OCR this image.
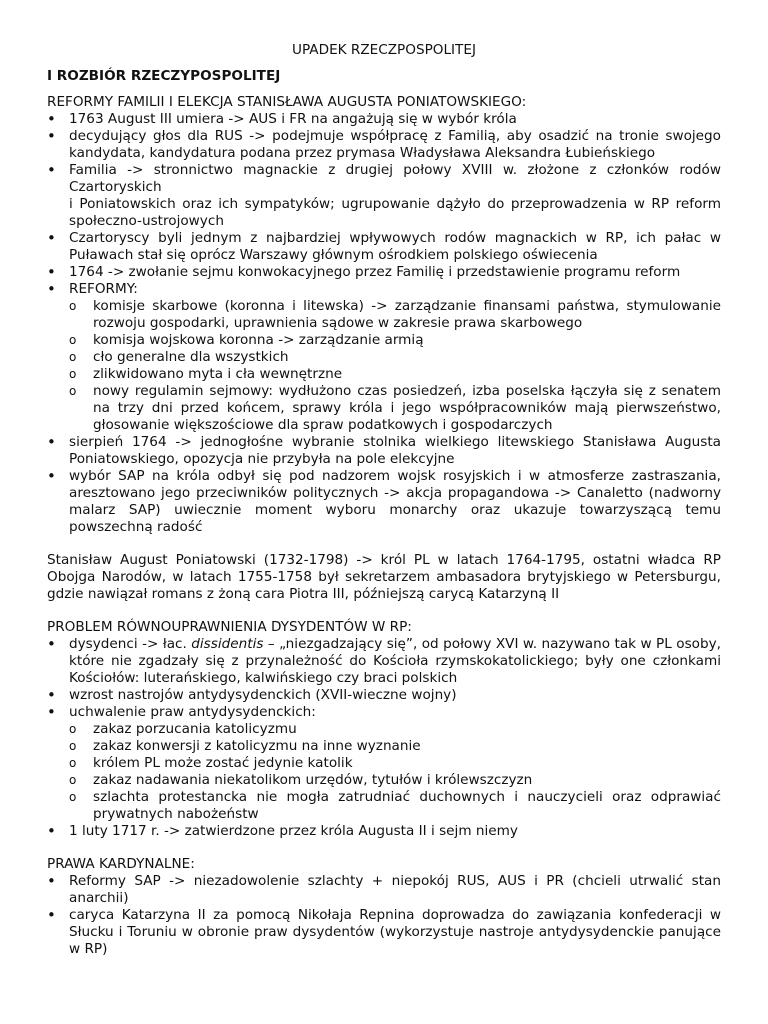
UPADEK RZECZPOSPOLITEJ

I ROZBIÓR RZECZYPOSPOLITEJ

REFORMY FAMILII I ELEKCJA STANISŁAWA AUGUSTA PONIATOWSKIEGO:

• 1763 August III umiera -> AUS i FR na angażują się w wybór króla
• decydujący głos dla RUS -> podejmuje współpracę z Familią, aby osadzić na tronie swojego kandydata, kandydatura podana przez prymasa Władysława Aleksandra Łubieńskiego
• Familia -> stronnictwo magnackie z drugiej połowy XVIII w. złożone z członków rodów Czartoryskich
i Poniatowskich oraz ich sympatyków; ugrupowanie dążyło do przeprowadzenia w RP reform społeczno-ustrojowych
• Czartoryscy byli jednym z najbardziej wpływowych rodów magnackich w RP, ich pałac w Puławach stał się oprócz Warszawy głównym ośrodkiem polskiego oświecenia
• 1764 -> zwołanie sejmu konwokacyjnego przez Familię i przedstawienie programu reform
• REFORMY:
o komisje skarbowe (koronna i litewska) -> zarządzanie finansami państwa, stymulowanie rozwoju gospodarki, uprawnienia sądowe w zakresie prawa skarbowego
o komisja wojskowa koronna -> zarządzanie armią
o cło generalne dla wszystkich
o zlikwidowano myta i cła wewnętrzne
o nowy regulamin sejmowy: wydłużono czas posiedzeń, izba poselska łączyła się z senatem na trzy dni przed końcem, sprawy króla i jego współpracowników mają pierwszeństwo, głosowanie większościowe dla spraw podatkowych i gospodarczych
• sierpień 1764 -> jednogłośne wybranie stolnika wielkiego litewskiego Stanisława Augusta Poniatowskiego, opozycja nie przybyła na pole elekcyjne
• wybór SAP na króla odbył się pod nadzorem wojsk rosyjskich i w atmosferze zastraszania, aresztowano jego przeciwników politycznych -> akcja propagandowa -> Canaletto (nadworny malarz SAP) uwiecznie moment wyboru monarchy oraz ukazuje towarzyszącą temu powszechną radość

Stanisław August Poniatowski (1732-1798) -> król PL w latach 1764-1795, ostatni władca RP Obojga Narodów, w latach 1755-1758 był sekretarzem ambasadora brytyjskiego w Petersburgu, gdzie nawiązał romans z żoną cara Piotra III, późniejszą carycą Katarzyną II

PROBLEM RÓWNOUPRAWNIENIA DYSYDENTÓW W RP:

• dysydenci -> łac. dissidentis – „niezgadzający się”, od połowy XVI w. nazywano tak w PL osoby, które nie zgadzały się z przynależność do Kościoła rzymskokatolickiego; były one członkami Kościołów: luterańskiego, kalwińskiego czy braci polskich
• wzrost nastrojów antydysydenckich (XVII-wieczne wojny)
• uchwalenie praw antydysydenckich:
o zakaz porzucania katolicyzmu
o zakaz konwersji z katolicyzmu na inne wyznanie
o królem PL może zostać jedynie katolik
o zakaz nadawania niekatolikom urzędów, tytułów i królewszczyzn
o szlachta protestancka nie mogła zatrudniać duchownych i nauczycieli oraz odprawiać prywatnych nabożeństw
• 1 luty 1717 r. -> zatwierdzone przez króla Augusta II i sejm niemy

PRAWA KARDYNALNE:

• Reformy SAP -> niezadowolenie szlachty + niepokój RUS, AUS i PR (chcieli utrwalić stan anarchii)
• caryca Katarzyna II za pomocą Nikołaja Repnina doprowadza do zawiązania konfederacji w Słucku i Toruniu w obronie praw dysydentów (wykorzystuje nastroje antydysydenckie panujące w RP)
